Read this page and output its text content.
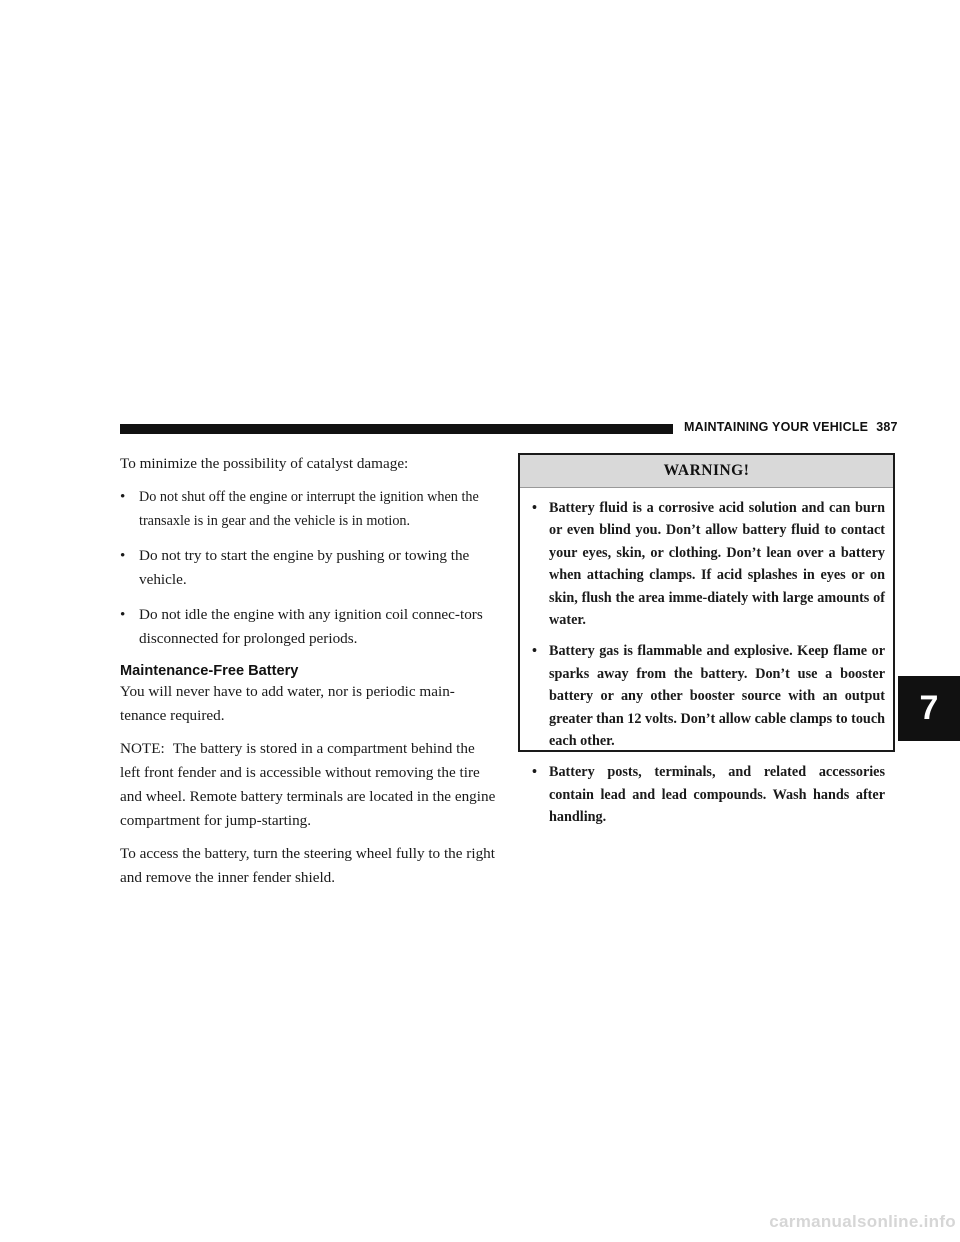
MAINTAINING YOUR VEHICLE 387

To minimize the possibility of catalyst damage:

• Do not shut off the engine or interrupt the ignition when the transaxle is in gear and the vehicle is in motion.
• Do not try to start the engine by pushing or towing the vehicle.
• Do not idle the engine with any ignition coil connec-tors disconnected for prolonged periods.

Maintenance-Free Battery

You will never have to add water, nor is periodic main-tenance required.

NOTE: The battery is stored in a compartment behind the left front fender and is accessible without removing the tire and wheel. Remote battery terminals are located in the engine compartment for jump-starting.

To access the battery, turn the steering wheel fully to the right and remove the inner fender shield.

WARNING!
• Battery fluid is a corrosive acid solution and can burn or even blind you. Don’t allow battery fluid to contact your eyes, skin, or clothing. Don’t lean over a battery when attaching clamps. If acid splashes in eyes or on skin, flush the area imme-diately with large amounts of water.
• Battery gas is flammable and explosive. Keep flame or sparks away from the battery. Don’t use a booster battery or any other booster source with an output greater than 12 volts. Don’t allow cable clamps to touch each other.
• Battery posts, terminals, and related accessories contain lead and lead compounds. Wash hands after handling.
7
carmanualsonline.info
